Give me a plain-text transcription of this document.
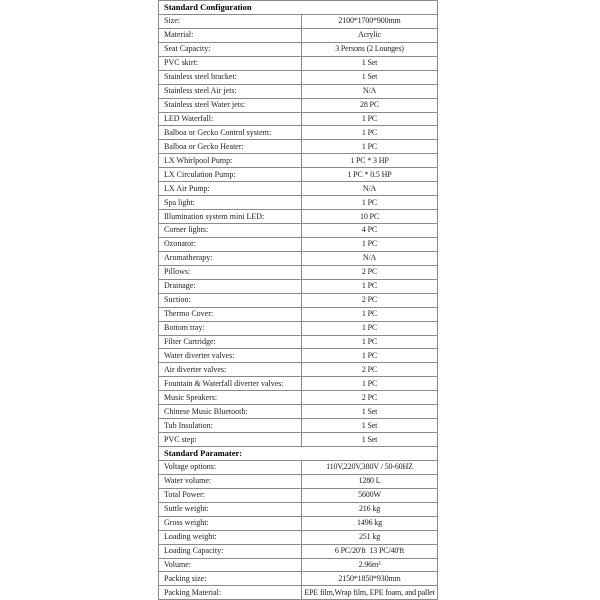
Standard Configuration
Size:	2100*1700*900mm
Material:	Acrylic
Seat Capacity:	3 Persons (2 Lounges)
PVC skirt:	1 Set
Stainless steel bracket:	1 Set
Stainless steel Air jets:	N/A
Stainless steel Water jets:	28 PC
LED Waterfall:	1 PC
Balboa or Gecko Control system:	1 PC
Balboa or Gecko Heater:	1 PC
LX Whirlpool Pump:	1 PC * 3 HP
LX Circulation Pump:	1 PC * 0.5 HP
LX Air Pump:	N/A
Spa light:	1 PC
Illumination system mini LED:	10 PC
Corner lights:	4 PC
Ozonator:	1 PC
Aromatherapy:	N/A
Pillows:	2 PC
Drainage:	1 PC
Suction:	2 PC
Thermo Cover:	1 PC
Bottom tray:	1 PC
Filter Cartridge:	1 PC
Water diverter valves:	1 PC
Air diverter valves:	2 PC
Fountain & Waterfall diverter valves:	1 PC
Music Speakers:	2 PC
Chinese Music Bluetooth:	1 Set
Tub Insulation:	1 Set
PVC step:	1 Set
Standard Paramater:
Voltage options:	110V,220V,380V / 50-60HZ
Water volume:	1280 L
Total Power:	5600W
Suttle weight:	216 kg
Gross weight:	1496 kg
Loading weight:	251 kg
Loading Capacity:	6 PC/20'ft  13 PC/40'ft
Volume:	2.96m³
Packing size:	2150*1850*930mm
Packing Material:	EPE film,Wrap film, EPE foam, and pallet
